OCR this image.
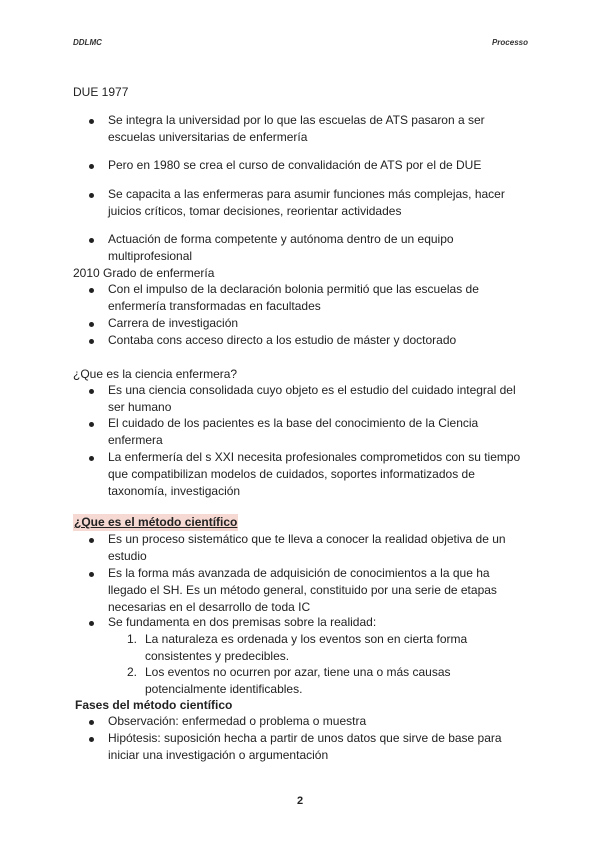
DDLMC	Processo
DUE 1977
Se integra la universidad por lo que las escuelas de ATS pasaron a ser escuelas universitarias de enfermería
Pero en 1980 se crea el curso de convalidación de ATS por el de DUE
Se capacita a las enfermeras para asumir funciones más complejas, hacer juicios críticos, tomar decisiones, reorientar actividades
Actuación de forma competente y autónoma dentro de un equipo multiprofesional
2010 Grado de enfermería
Con el impulso de la declaración bolonia permitió que las escuelas de enfermería transformadas en facultades
Carrera de investigación
Contaba cons acceso directo a los estudio de máster y doctorado
¿Que es la ciencia enfermera?
Es una ciencia consolidada cuyo objeto es el estudio del cuidado integral del ser humano
El cuidado de los pacientes es la base del conocimiento de la Ciencia enfermera
La enfermería del s XXI necesita profesionales comprometidos con su tiempo que compatibilizan modelos de cuidados, soportes informatizados de taxonomía, investigación
¿Que es el método científico
Es un proceso sistemático que te lleva a conocer la realidad objetiva de un estudio
Es la forma más avanzada de adquisición de conocimientos a la que ha llegado el SH. Es un método general, constituido por una serie de etapas necesarias en el desarrollo de toda IC
Se fundamenta en dos premisas sobre la realidad:
1. La naturaleza es ordenada y los eventos son en cierta forma consistentes y predecibles.
2. Los eventos no ocurren por azar, tiene una o más causas potencialmente identificables.
Fases del método científico
Observación: enfermedad o problema o muestra
Hipótesis: suposición hecha a partir de unos datos que sirve de base para iniciar una investigación o argumentación
2
